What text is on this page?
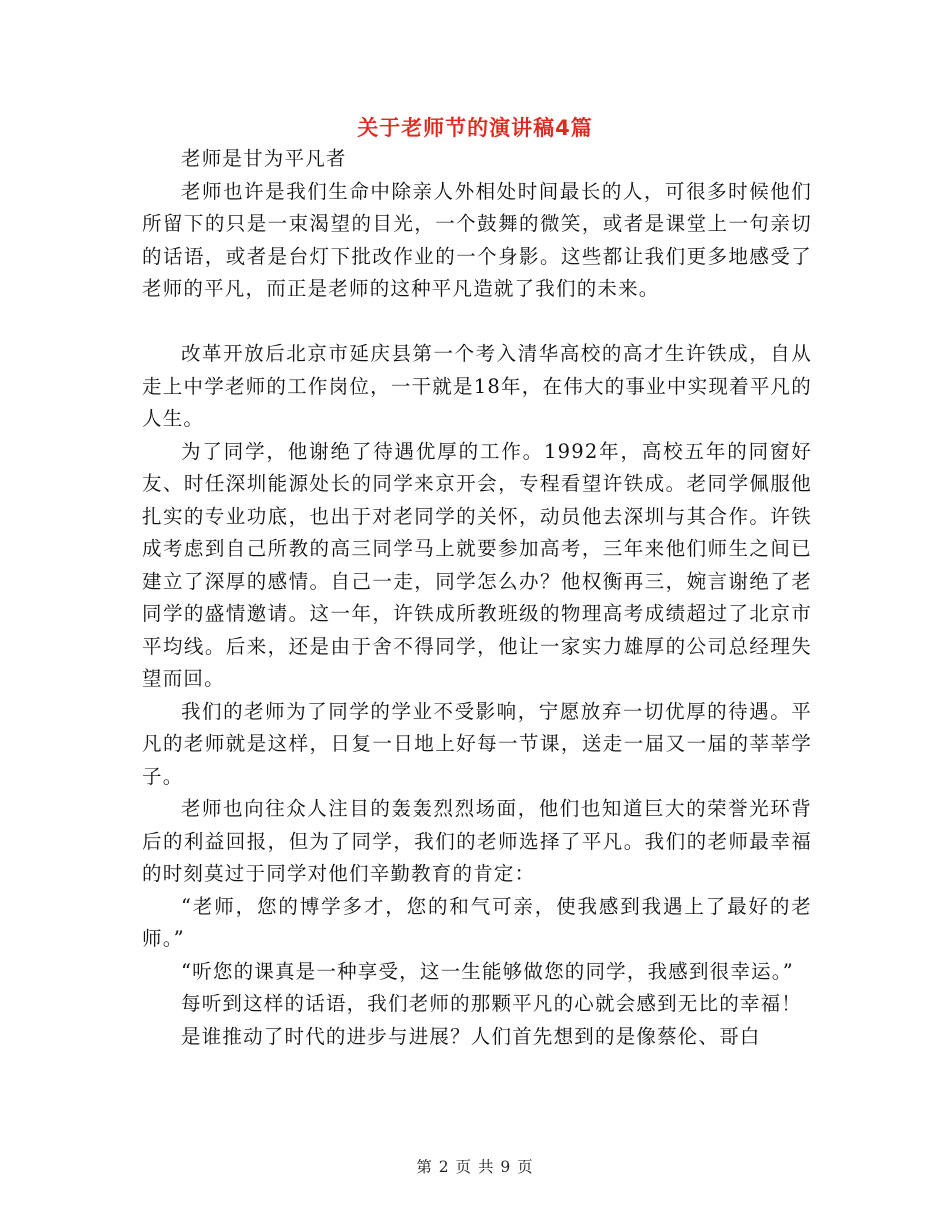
关于老师节的演讲稿4篇

老师是甘为平凡者

老师也许是我们生命中除亲人外相处时间最长的人，可很多时候他们所留下的只是一束渴望的目光，一个鼓舞的微笑，或者是课堂上一句亲切的话语，或者是台灯下批改作业的一个身影。这些都让我们更多地感受了老师的平凡，而正是老师的这种平凡造就了我们的未来。

改革开放后北京市延庆县第一个考入清华高校的高才生许铁成，自从走上中学老师的工作岗位，一干就是18年，在伟大的事业中实现着平凡的人生。

为了同学，他谢绝了待遇优厚的工作。1992年，高校五年的同窗好友、时任深圳能源处长的同学来京开会，专程看望许铁成。老同学佩服他扎实的专业功底，也出于对老同学的关怀，动员他去深圳与其合作。许铁成考虑到自己所教的高三同学马上就要参加高考，三年来他们师生之间已建立了深厚的感情。自己一走，同学怎么办？他权衡再三，婉言谢绝了老同学的盛情邀请。这一年，许铁成所教班级的物理高考成绩超过了北京市平均线。后来，还是由于舍不得同学，他让一家实力雄厚的公司总经理失望而回。

我们的老师为了同学的学业不受影响，宁愿放弃一切优厚的待遇。平凡的老师就是这样，日复一日地上好每一节课，送走一届又一届的莘莘学子。

老师也向往众人注目的轰轰烈烈场面，他们也知道巨大的荣誉光环背后的利益回报，但为了同学，我们的老师选择了平凡。我们的老师最幸福的时刻莫过于同学对他们辛勤教育的肯定：

“老师，您的博学多才，您的和气可亲，使我感到我遇上了最好的老师。”

“听您的课真是一种享受，这一生能够做您的同学，我感到很幸运。”

每听到这样的话语，我们老师的那颗平凡的心就会感到无比的幸福！

是谁推动了时代的进步与进展？人们首先想到的是像蔡伦、哥白

第 2 页 共 9 页
